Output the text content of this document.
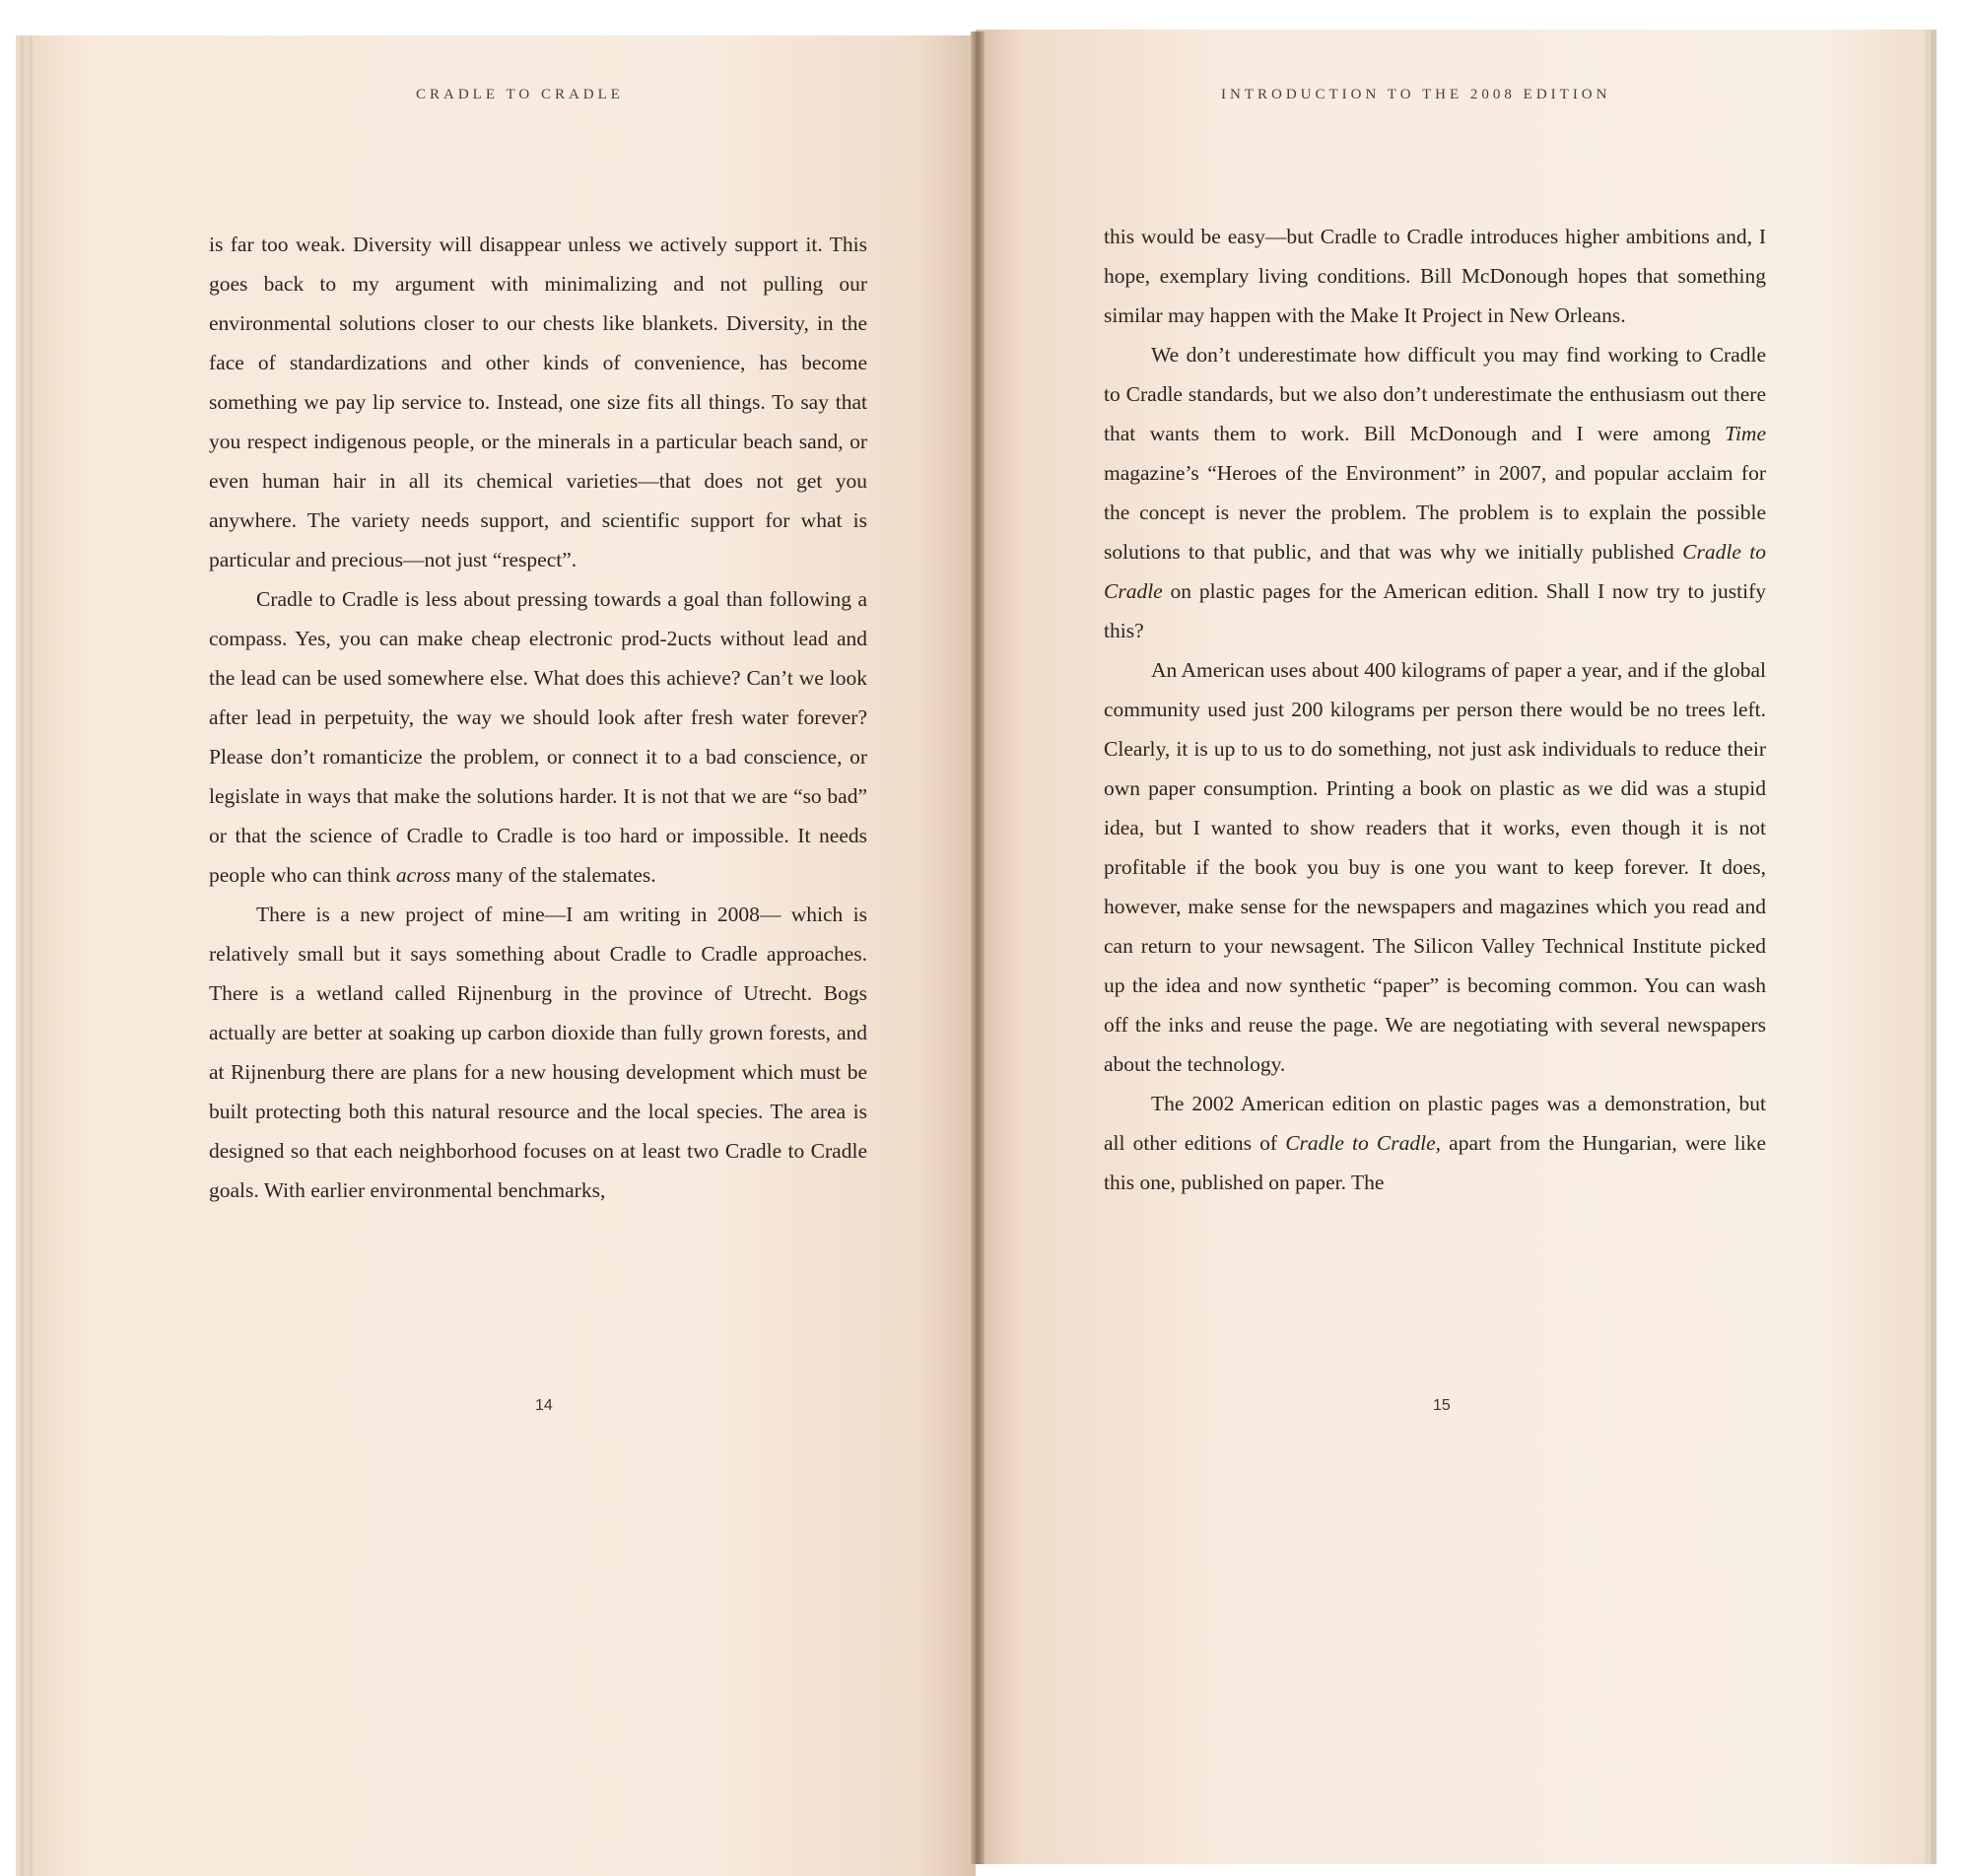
CRADLE TO CRADLE	INTRODUCTION TO THE 2008 EDITION

is far too weak. Diversity will disappear unless we actively support it. This goes back to my argument with minimalizing and not pulling our environmental solutions closer to our chests like blankets. Diversity, in the face of standardizations and other kinds of convenience, has become something we pay lip service to. Instead, one size fits all things. To say that you respect indigenous people, or the minerals in a particular beach sand, or even human hair in all its chemical varieties—that does not get you anywhere. The variety needs support, and scientific support for what is particular and precious—not just “respect”.

Cradle to Cradle is less about pressing towards a goal than following a compass. Yes, you can make cheap electronic prod-2ucts without lead and the lead can be used somewhere else. What does this achieve? Can’t we look after lead in perpetuity, the way we should look after fresh water forever? Please don’t romanticize the problem, or connect it to a bad conscience, or legislate in ways that make the solutions harder. It is not that we are “so bad” or that the science of Cradle to Cradle is too hard or impossible. It needs people who can think across many of the stalemates.

There is a new project of mine—I am writing in 2008— which is relatively small but it says something about Cradle to Cradle approaches. There is a wetland called Rijnenburg in the province of Utrecht. Bogs actually are better at soaking up carbon dioxide than fully grown forests, and at Rijnenburg there are plans for a new housing development which must be built protecting both this natural resource and the local species. The area is designed so that each neighborhood focuses on at least two Cradle to Cradle goals. With earlier environmental benchmarks,

this would be easy—but Cradle to Cradle introduces higher ambitions and, I hope, exemplary living conditions. Bill McDonough hopes that something similar may happen with the Make It Project in New Orleans.

We don’t underestimate how difficult you may find working to Cradle to Cradle standards, but we also don’t underestimate the enthusiasm out there that wants them to work. Bill McDonough and I were among Time magazine’s “Heroes of the Environment” in 2007, and popular acclaim for the concept is never the problem. The problem is to explain the possible solutions to that public, and that was why we initially published Cradle to Cradle on plastic pages for the American edition. Shall I now try to justify this?

An American uses about 400 kilograms of paper a year, and if the global community used just 200 kilograms per person there would be no trees left. Clearly, it is up to us to do something, not just ask individuals to reduce their own paper consumption. Printing a book on plastic as we did was a stupid idea, but I wanted to show readers that it works, even though it is not profitable if the book you buy is one you want to keep forever. It does, however, make sense for the newspapers and magazines which you read and can return to your newsagent. The Silicon Valley Technical Institute picked up the idea and now synthetic “paper” is becoming common. You can wash off the inks and reuse the page. We are negotiating with several newspapers about the technology.

The 2002 American edition on plastic pages was a demonstration, but all other editions of Cradle to Cradle, apart from the Hungarian, were like this one, published on paper. The

14	15
